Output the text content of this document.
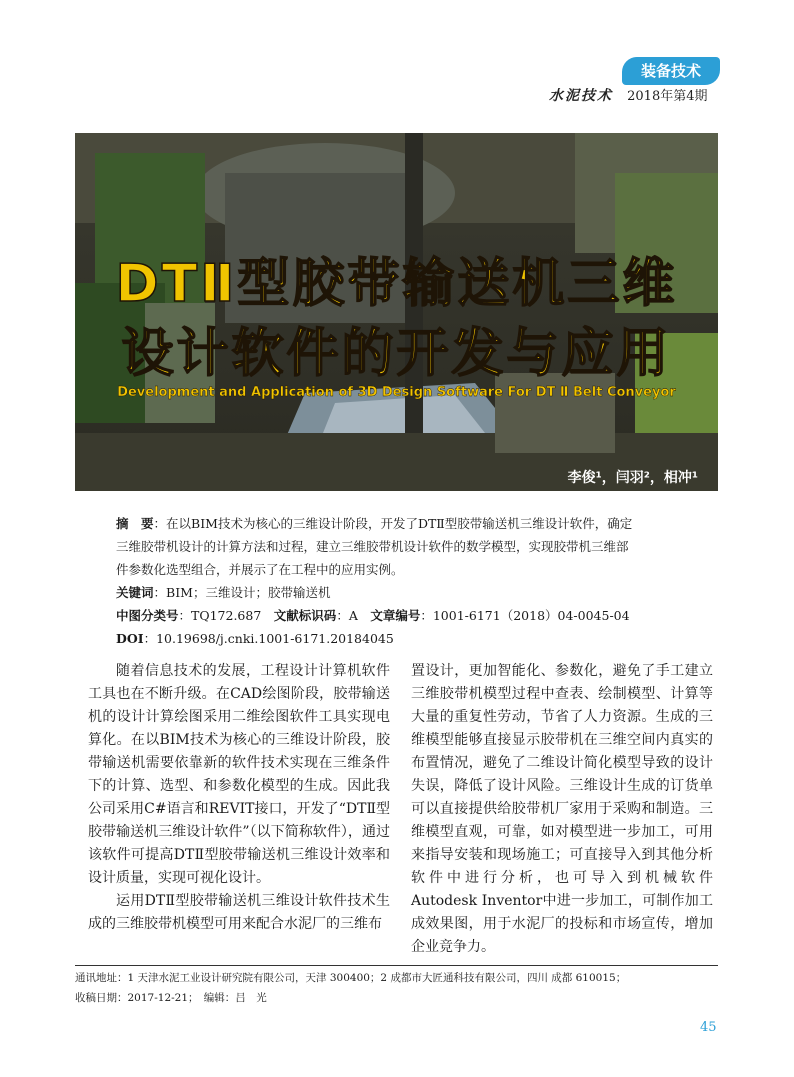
装备技术
水泥技术 2018年第4期
DTⅡ型胶带输送机三维
设计软件的开发与应用
Development and Application of 3D Design Software For DT Ⅱ Belt Conveyor
李俊¹，闫羽²，相冲¹
摘　要：在以BIM技术为核心的三维设计阶段，开发了DTⅡ型胶带输送机三维设计软件，确定
三维胶带机设计的计算方法和过程，建立三维胶带机设计软件的数学模型，实现胶带机三维部
件参数化选型组合，并展示了在工程中的应用实例。
关键词：BIM；三维设计；胶带输送机
中图分类号：TQ172.687　文献标识码：A　文章编号：1001-6171（2018）04-0045-04
DOI：10.19698/j.cnki.1001-6171.20184045

随着信息技术的发展，工程设计计算机软件工具也在不断升级。在CAD绘图阶段，胶带输送机的设计计算绘图采用二维绘图软件工具实现电算化。在以BIM技术为核心的三维设计阶段，胶带输送机需要依靠新的软件技术实现在三维条件下的计算、选型、和参数化模型的生成。因此我公司采用C#语言和REVIT接口，开发了“DTⅡ型胶带输送机三维设计软件”（以下简称软件），通过该软件可提高DTⅡ型胶带输送机三维设计效率和设计质量，实现可视化设计。

运用DTⅡ型胶带输送机三维设计软件技术生成的三维胶带机模型可用来配合水泥厂的三维布

置设计，更加智能化、参数化，避免了手工建立三维胶带机模型过程中查表、绘制模型、计算等大量的重复性劳动，节省了人力资源。生成的三维模型能够直接显示胶带机在三维空间内真实的布置情况，避免了二维设计简化模型导致的设计失误，降低了设计风险。三维设计生成的订货单可以直接提供给胶带机厂家用于采购和制造。三维模型直观，可靠，如对模型进一步加工，可用来指导安装和现场施工；可直接导入到其他分析软件中进行分析，也可导入到机械软件Autodesk Inventor中进一步加工，可制作加工成效果图，用于水泥厂的投标和市场宣传，增加企业竞争力。

通讯地址：1 天津水泥工业设计研究院有限公司，天津 300400；2 成都市大匠通科技有限公司，四川 成都 610015；
收稿日期：2017-12-21；　编辑：吕　光
45
